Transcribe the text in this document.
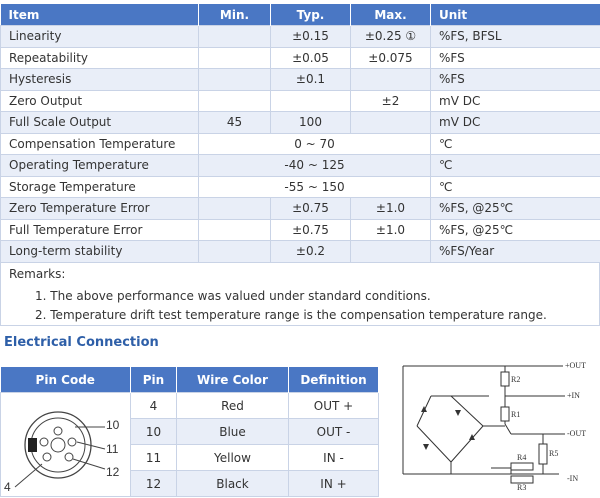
Item	Min.	Typ.	Max.	Unit
Linearity		±0.15	±0.25 ①	%FS, BFSL
Repeatability		±0.05	±0.075	%FS
Hysteresis		±0.1		%FS
Zero Output			±2	mV DC
Full Scale Output	45	100		mV DC
Compensation Temperature	0 ~ 70			℃
Operating Temperature	-40 ~ 125			℃
Storage Temperature	-55 ~ 150			℃
Zero Temperature Error		±0.75	±1.0	%FS, @25℃
Full Temperature Error		±0.75	±1.0	%FS, @25℃
Long-term stability		±0.2		%FS/Year
Remarks:
1. The above performance was valued under standard conditions.
2. Temperature drift test temperature range is the compensation temperature range.
Electrical Connection
Pin Code	Pin	Wire Color	Definition

10
11
12
4	4	Red	OUT +
	10	Blue	OUT -
	11	Yellow	IN -
	12	Black	IN +
+OUT
+IN
-OUT
-IN
R2
R1
R5
R4
R3
